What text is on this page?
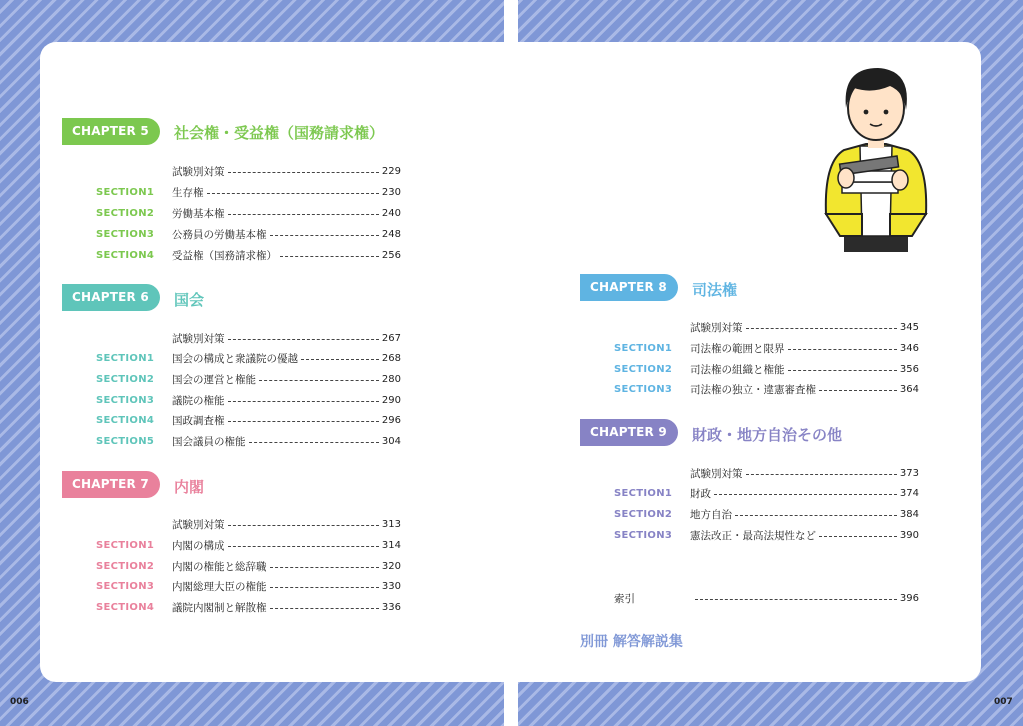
CHAPTER 5	社会権・受益権（国務請求権）
試験別対策	229
SECTION1 生存権	230
SECTION2 労働基本権	240
SECTION3 公務員の労働基本権	248
SECTION4 受益権（国務請求権）	256
CHAPTER 6	国会
試験別対策	267
SECTION1 国会の構成と衆議院の優越	268
SECTION2 国会の運営と権能	280
SECTION3 議院の権能	290
SECTION4 国政調査権	296
SECTION5 国会議員の権能	304
CHAPTER 7	内閣
試験別対策	313
SECTION1 内閣の構成	314
SECTION2 内閣の権能と総辞職	320
SECTION3 内閣総理大臣の権能	330
SECTION4 議院内閣制と解散権	336
CHAPTER 8	司法権
試験別対策	345
SECTION1 司法権の範囲と限界	346
SECTION2 司法権の組織と権能	356
SECTION3 司法権の独立・違憲審査権	364
CHAPTER 9	財政・地方自治その他
試験別対策	373
SECTION1 財政	374
SECTION2 地方自治	384
SECTION3 憲法改正・最高法規性など	390
索引	396
別冊 解答解説集
006	007
